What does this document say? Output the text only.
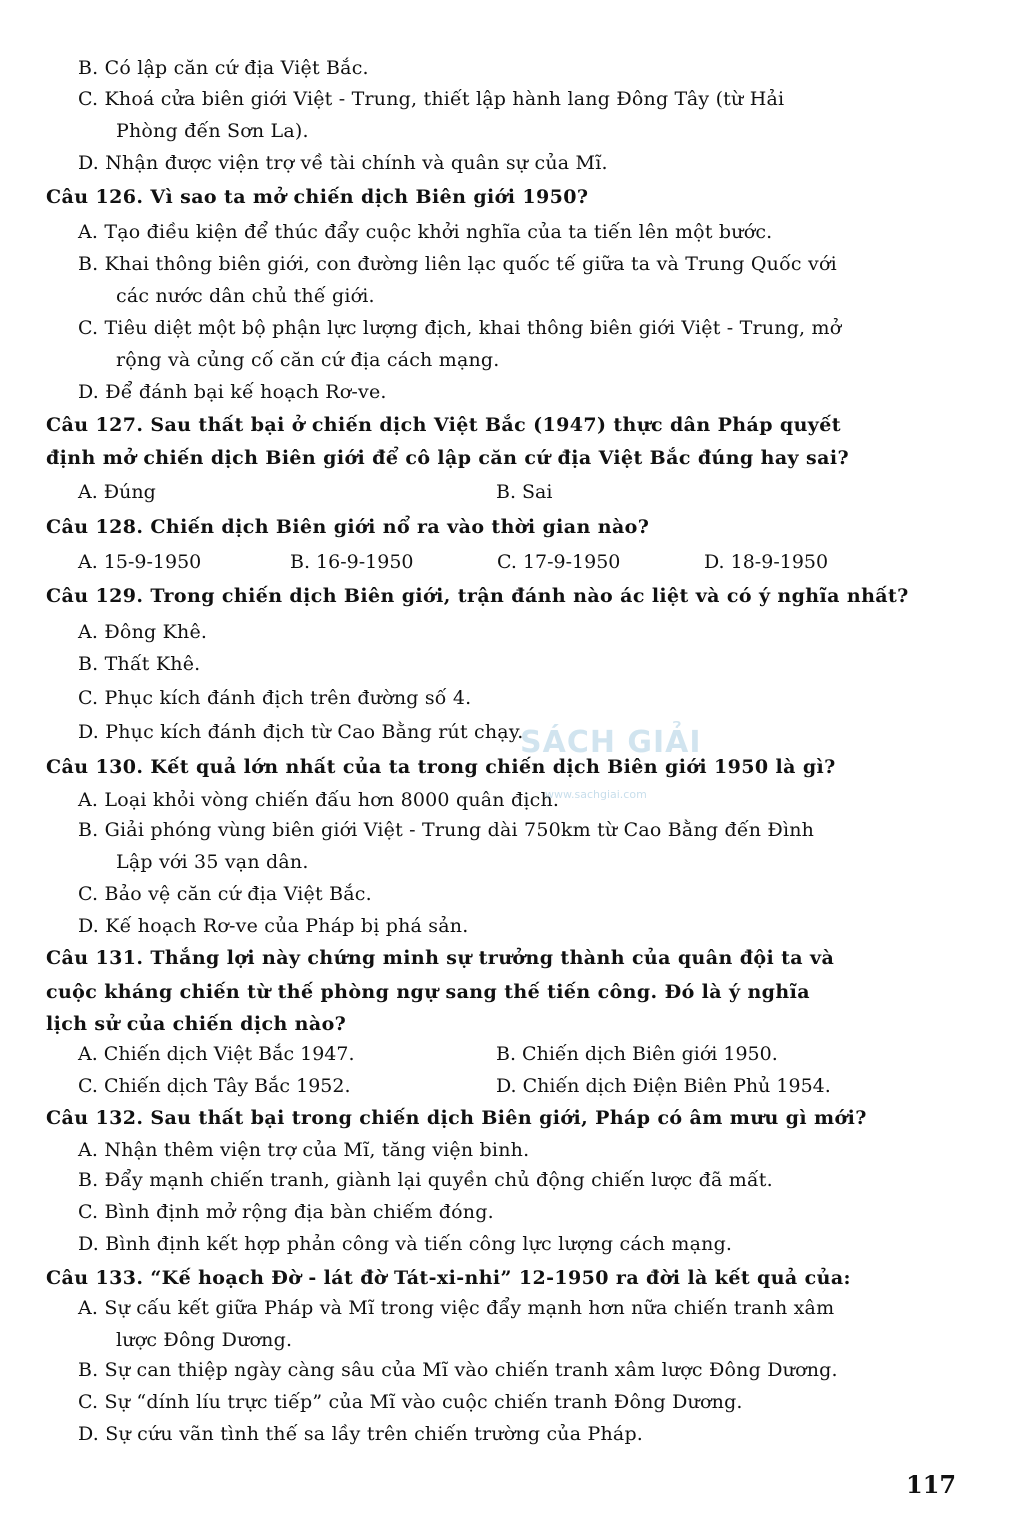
B. Có lập căn cứ địa Việt Bắc.
C. Khoá cửa biên giới Việt - Trung, thiết lập hành lang Đông Tây (từ Hải
Phòng đến Sơn La).
D. Nhận được viện trợ về tài chính và quân sự của Mĩ.
Câu 126. Vì sao ta mở chiến dịch Biên giới 1950?
A. Tạo điều kiện để thúc đẩy cuộc khởi nghĩa của ta tiến lên một bước.
B. Khai thông biên giới, con đường liên lạc quốc tế giữa ta và Trung Quốc với
các nước dân chủ thế giới.
C. Tiêu diệt một bộ phận lực lượng địch, khai thông biên giới Việt - Trung, mở
rộng và củng cố căn cứ địa cách mạng.
D. Để đánh bại kế hoạch Rơ-ve.
Câu 127. Sau thất bại ở chiến dịch Việt Bắc (1947) thực dân Pháp quyết
định mở chiến dịch Biên giới để cô lập căn cứ địa Việt Bắc đúng hay sai?
A. Đúng	B. Sai
Câu 128. Chiến dịch Biên giới nổ ra vào thời gian nào?
A. 15-9-1950	B. 16-9-1950	C. 17-9-1950	D. 18-9-1950
Câu 129. Trong chiến dịch Biên giới, trận đánh nào ác liệt và có ý nghĩa nhất?
A. Đông Khê.
B. Thất Khê.
C. Phục kích đánh địch trên đường số 4.
D. Phục kích đánh địch từ Cao Bằng rút chạy.
Câu 130. Kết quả lớn nhất của ta trong chiến dịch Biên giới 1950 là gì?
A. Loại khỏi vòng chiến đấu hơn 8000 quân địch.
B. Giải phóng vùng biên giới Việt - Trung dài 750km từ Cao Bằng đến Đình
Lập với 35 vạn dân.
C. Bảo vệ căn cứ địa Việt Bắc.
D. Kế hoạch Rơ-ve của Pháp bị phá sản.
Câu 131. Thắng lợi này chứng minh sự trưởng thành của quân đội ta và
cuộc kháng chiến từ thế phòng ngự sang thế tiến công. Đó là ý nghĩa
lịch sử của chiến dịch nào?
A. Chiến dịch Việt Bắc 1947.	B. Chiến dịch Biên giới 1950.
C. Chiến dịch Tây Bắc 1952.	D. Chiến dịch Điện Biên Phủ 1954.
Câu 132. Sau thất bại trong chiến dịch Biên giới, Pháp có âm mưu gì mới?
A. Nhận thêm viện trợ của Mĩ, tăng viện binh.
B. Đẩy mạnh chiến tranh, giành lại quyền chủ động chiến lược đã mất.
C. Bình định mở rộng địa bàn chiếm đóng.
D. Bình định kết hợp phản công và tiến công lực lượng cách mạng.
Câu 133. “Kế hoạch Đờ - lát đờ Tát-xi-nhi” 12-1950 ra đời là kết quả của:
A. Sự cấu kết giữa Pháp và Mĩ trong việc đẩy mạnh hơn nữa chiến tranh xâm
lược Đông Dương.
B. Sự can thiệp ngày càng sâu của Mĩ vào chiến tranh xâm lược Đông Dương.
C. Sự “dính líu trực tiếp” của Mĩ vào cuộc chiến tranh Đông Dương.
D. Sự cứu vãn tình thế sa lầy trên chiến trường của Pháp.
SÁCH GIẢI
www.sachgiai.com
117
